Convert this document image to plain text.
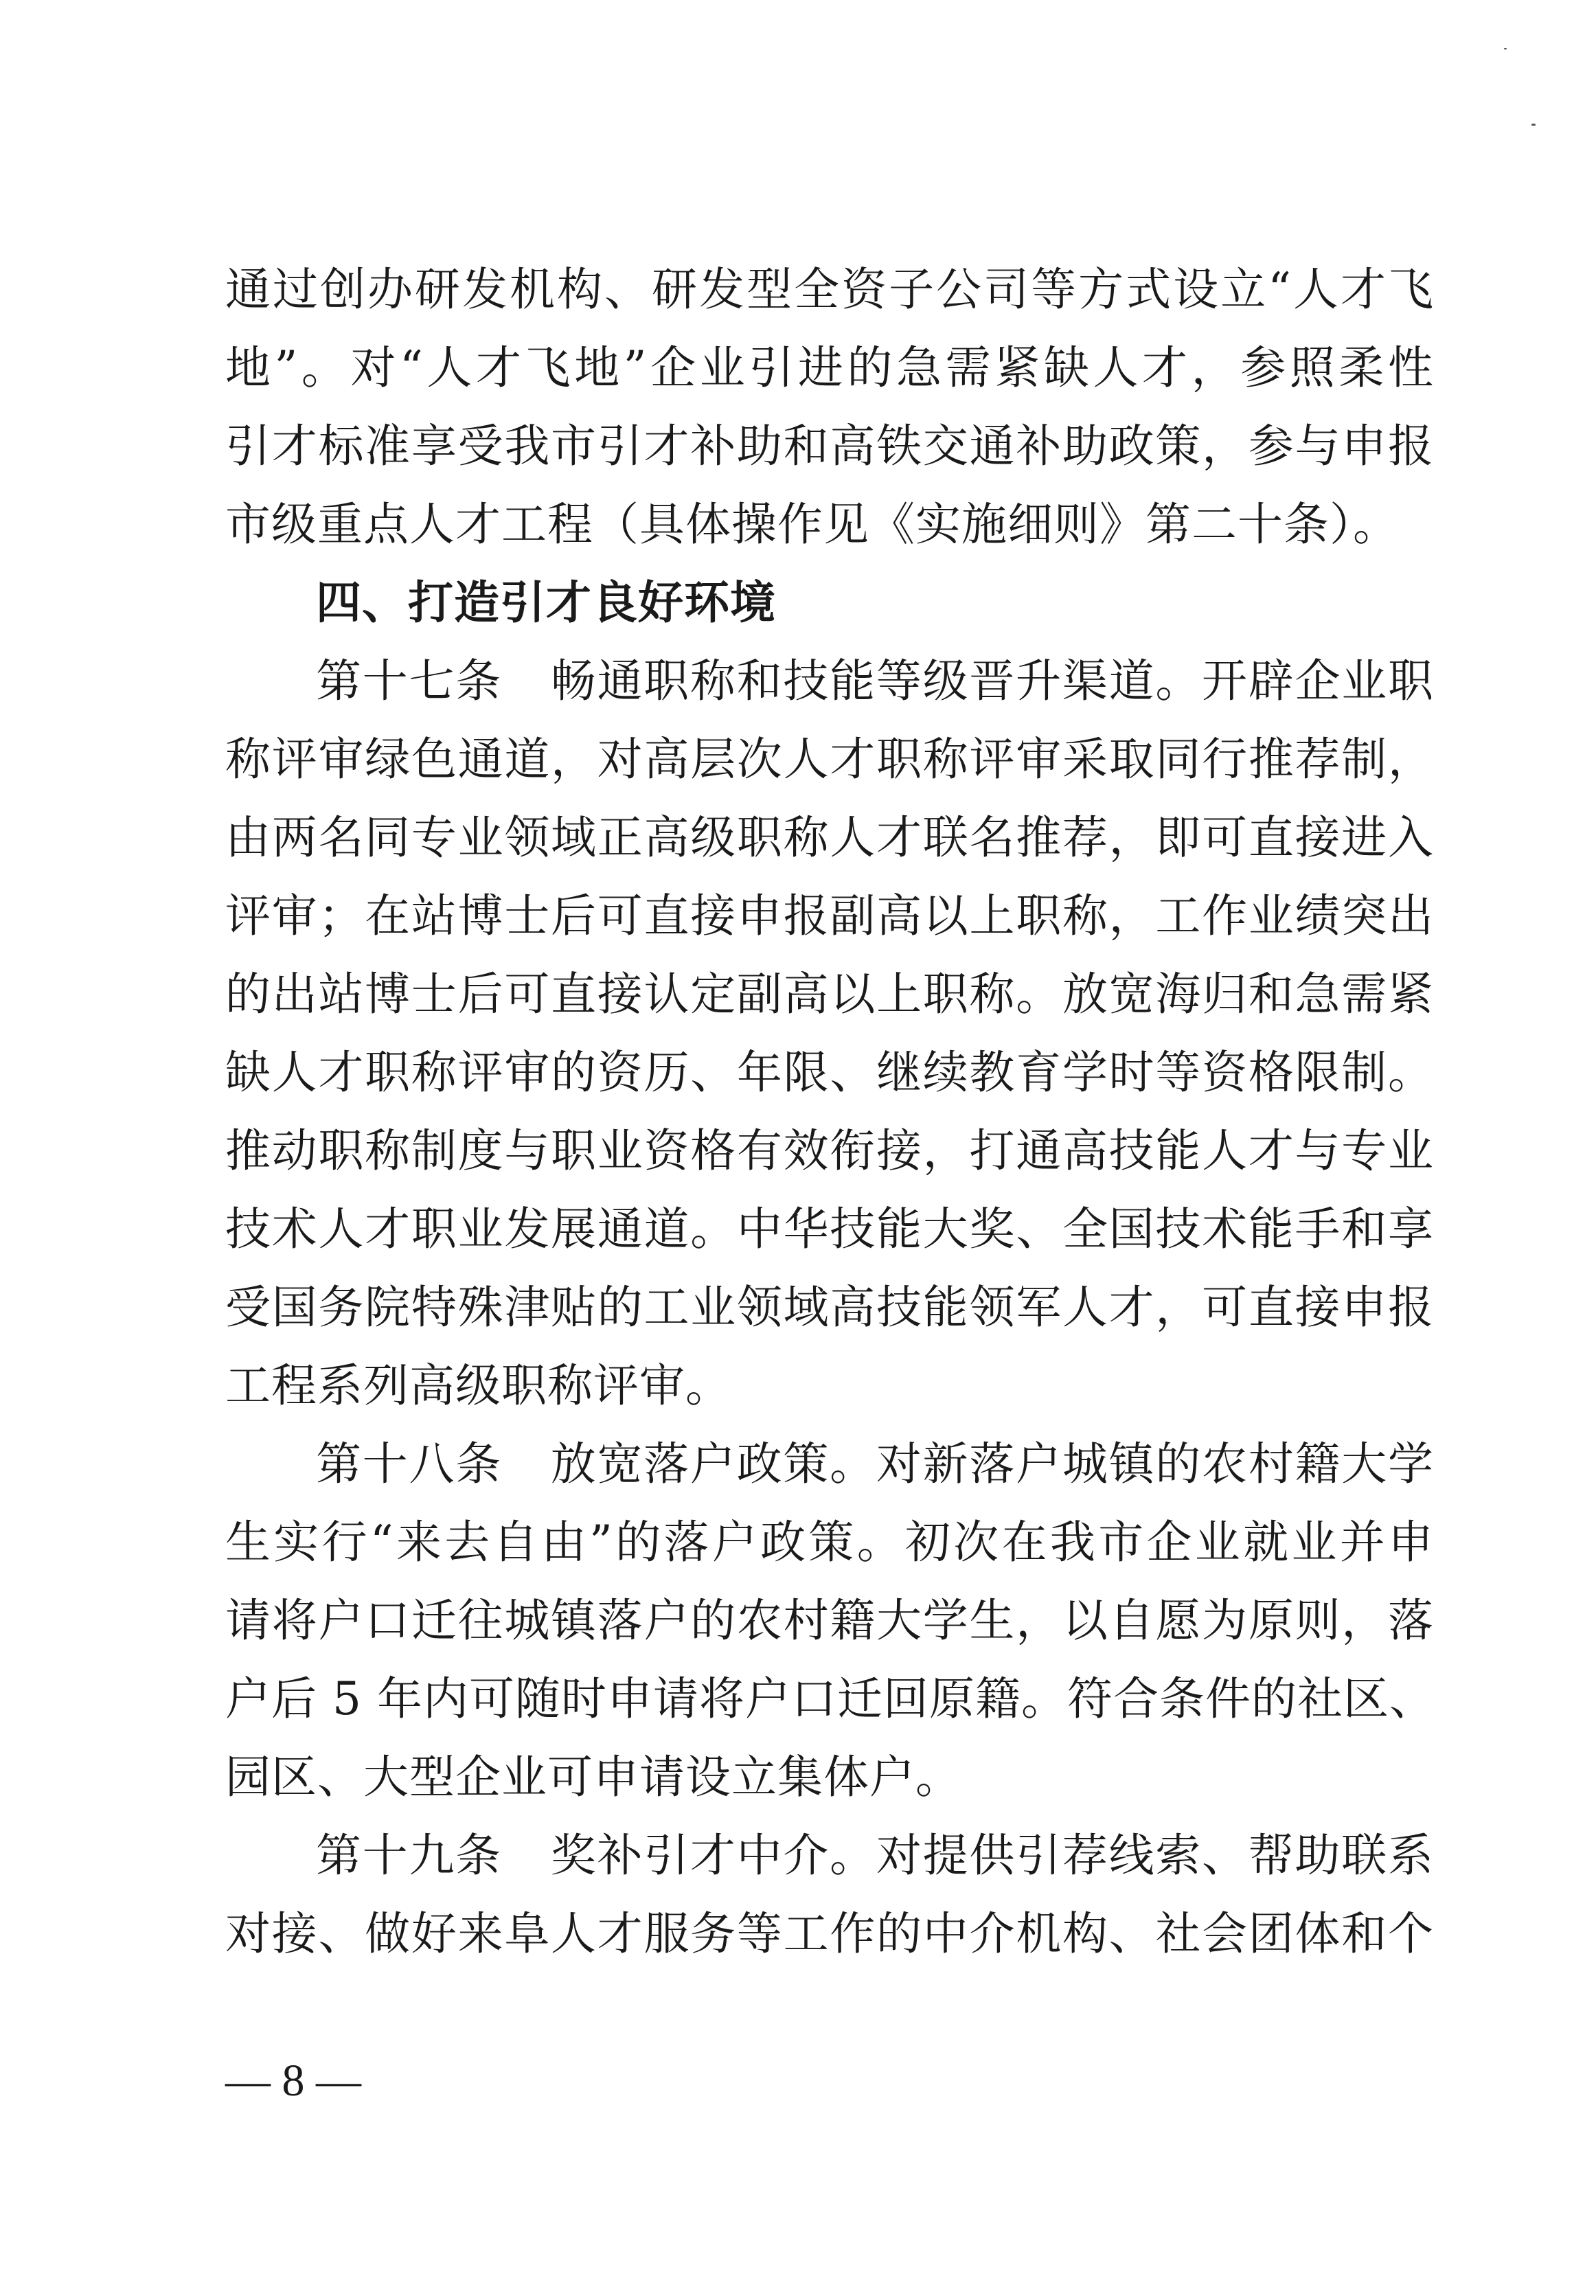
通过创办研发机构、研发型全资子公司等方式设立“人才飞
地”。对“人才飞地”企业引进的急需紧缺人才，参照柔性
引才标准享受我市引才补助和高铁交通补助政策，参与申报
市级重点人才工程（具体操作见《实施细则》第二十条）。
四、打造引才良好环境
第十七条 畅通职称和技能等级晋升渠道。开辟企业职
称评审绿色通道，对高层次人才职称评审采取同行推荐制，
由两名同专业领域正高级职称人才联名推荐，即可直接进入
评审；在站博士后可直接申报副高以上职称，工作业绩突出
的出站博士后可直接认定副高以上职称。放宽海归和急需紧
缺人才职称评审的资历、年限、继续教育学时等资格限制。
推动职称制度与职业资格有效衔接，打通高技能人才与专业
技术人才职业发展通道。中华技能大奖、全国技术能手和享
受国务院特殊津贴的工业领域高技能领军人才，可直接申报
工程系列高级职称评审。
第十八条 放宽落户政策。对新落户城镇的农村籍大学
生实行“来去自由”的落户政策。初次在我市企业就业并申
请将户口迁往城镇落户的农村籍大学生，以自愿为原则，落
户后 5 年内可随时申请将户口迁回原籍。符合条件的社区、
园区、大型企业可申请设立集体户。
第十九条 奖补引才中介。对提供引荐线索、帮助联系
对接、做好来阜人才服务等工作的中介机构、社会团体和个
— 8 —
